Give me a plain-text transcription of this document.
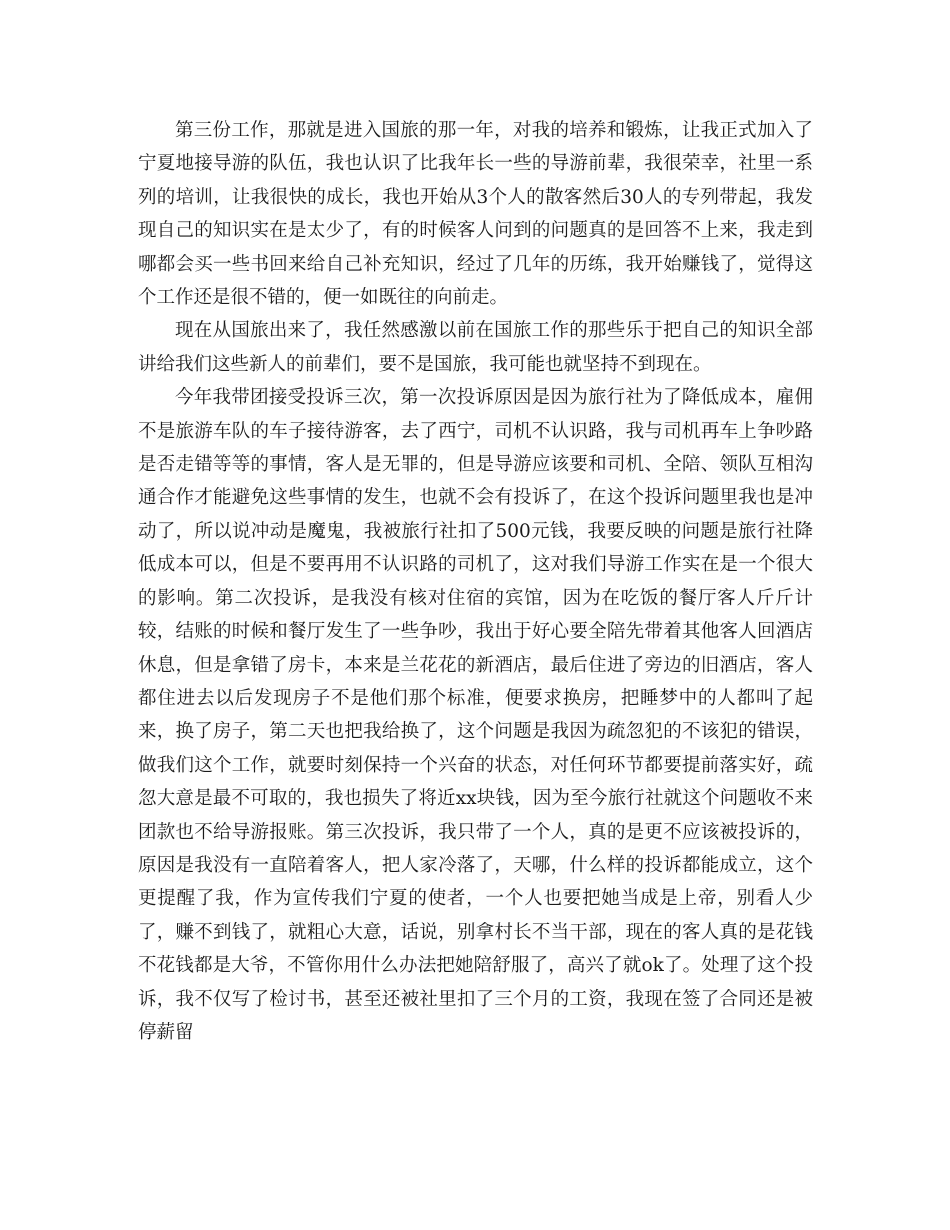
第三份工作，那就是进入国旅的那一年，对我的培养和锻炼，让我正式加入了宁夏地接导游的队伍，我也认识了比我年长一些的导游前辈，我很荣幸，社里一系列的培训，让我很快的成长，我也开始从3个人的散客然后30人的专列带起，我发现自己的知识实在是太少了，有的时候客人问到的问题真的是回答不上来，我走到哪都会买一些书回来给自己补充知识，经过了几年的历练，我开始赚钱了，觉得这个工作还是很不错的，便一如既往的向前走。

现在从国旅出来了，我任然感激以前在国旅工作的那些乐于把自己的知识全部讲给我们这些新人的前辈们，要不是国旅，我可能也就坚持不到现在。

今年我带团接受投诉三次，第一次投诉原因是因为旅行社为了降低成本，雇佣不是旅游车队的车子接待游客，去了西宁，司机不认识路，我与司机再车上争吵路是否走错等等的事情，客人是无罪的，但是导游应该要和司机、全陪、领队互相沟通合作才能避免这些事情的发生，也就不会有投诉了，在这个投诉问题里我也是冲动了，所以说冲动是魔鬼，我被旅行社扣了500元钱，我要反映的问题是旅行社降低成本可以，但是不要再用不认识路的司机了，这对我们导游工作实在是一个很大的影响。第二次投诉，是我没有核对住宿的宾馆，因为在吃饭的餐厅客人斤斤计较，结账的时候和餐厅发生了一些争吵，我出于好心要全陪先带着其他客人回酒店休息，但是拿错了房卡，本来是兰花花的新酒店，最后住进了旁边的旧酒店，客人都住进去以后发现房子不是他们那个标准，便要求换房，把睡梦中的人都叫了起来，换了房子，第二天也把我给换了，这个问题是我因为疏忽犯的不该犯的错误，做我们这个工作，就要时刻保持一个兴奋的状态，对任何环节都要提前落实好，疏忽大意是最不可取的，我也损失了将近xx块钱，因为至今旅行社就这个问题收不来团款也不给导游报账。第三次投诉，我只带了一个人，真的是更不应该被投诉的，原因是我没有一直陪着客人，把人家冷落了，天哪，什么样的投诉都能成立，这个更提醒了我，作为宣传我们宁夏的使者，一个人也要把她当成是上帝，别看人少了，赚不到钱了，就粗心大意，话说，别拿村长不当干部，现在的客人真的是花钱不花钱都是大爷，不管你用什么办法把她陪舒服了，高兴了就ok了。处理了这个投诉，我不仅写了检讨书，甚至还被社里扣了三个月的工资，我现在签了合同还是被停薪留
